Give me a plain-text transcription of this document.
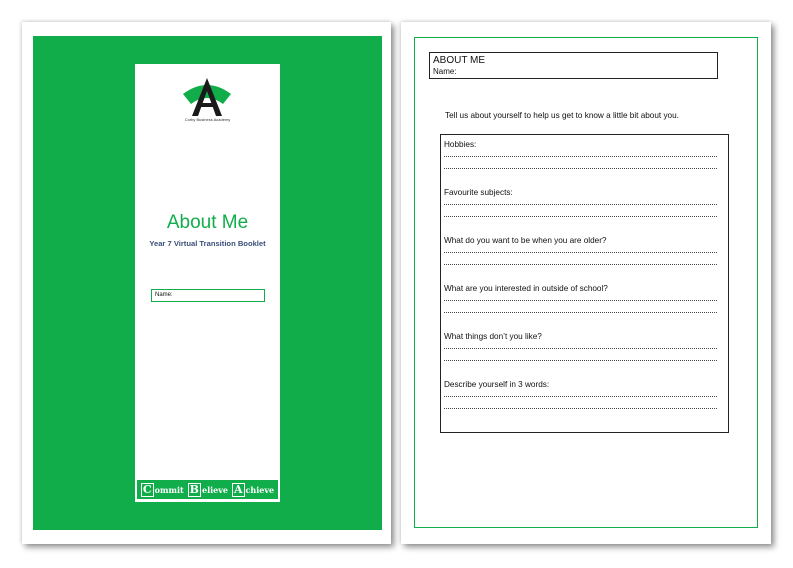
Corby Business Academy
About Me
Year 7 Virtual Transition Booklet
Name:
C ommit B elieve A chieve
ABOUT ME
Name:
Tell us about yourself to help us get to know a little bit about you.
Hobbies:
Favourite subjects:
What do you want to be when you are older?
What are you interested in outside of school?
What things don’t you like?
Describe yourself in 3 words:
